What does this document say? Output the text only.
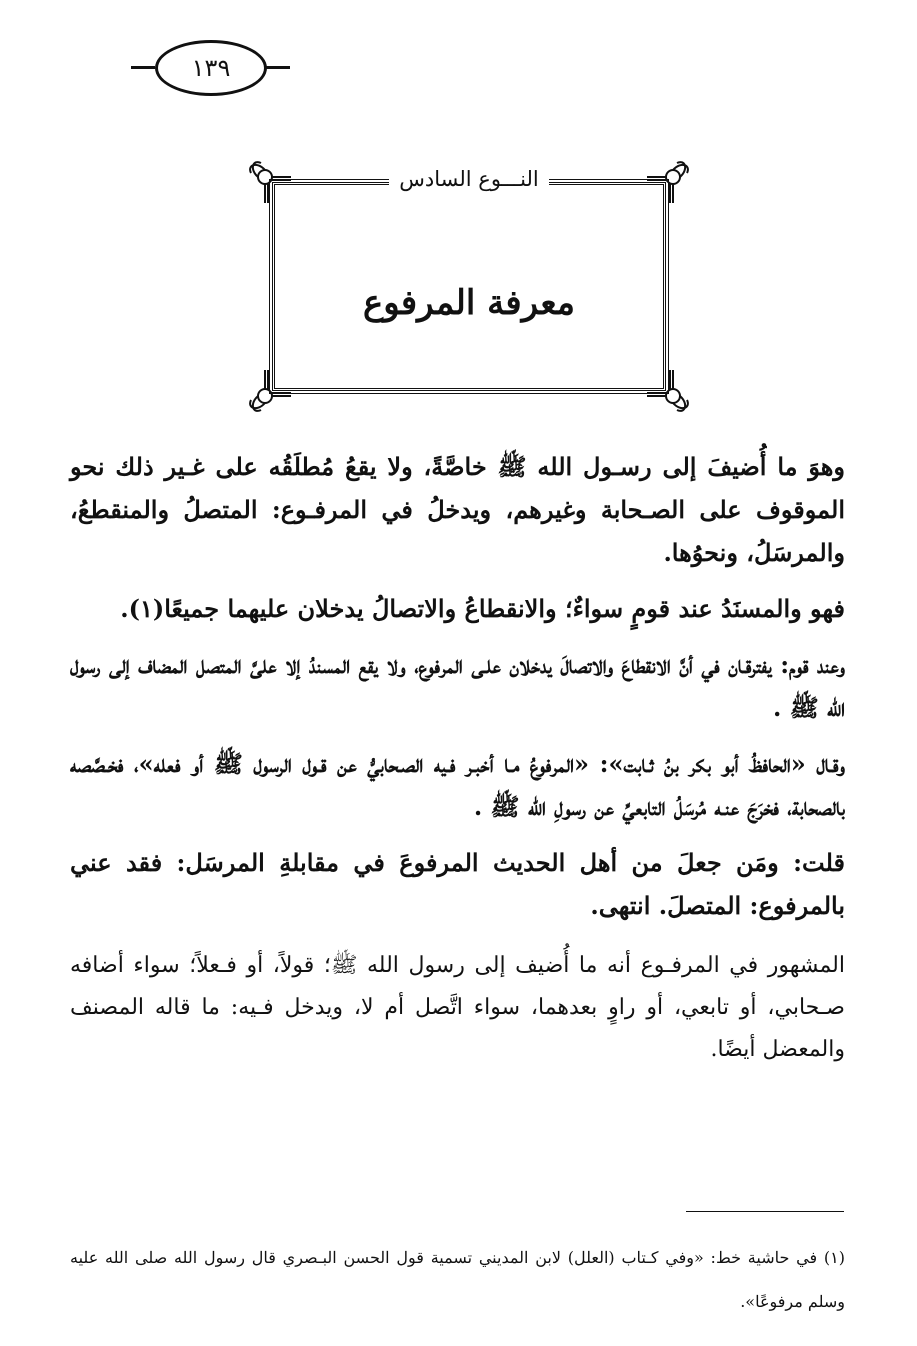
١٣٩
النـــوع السادس
معرفة المرفوع

وهوَ ما أُضيفَ إلى رسـول الله ﷺ خاصَّةً، ولا يقعُ مُطلَقُه على غـير ذلك نحو الموقوف على الصـحابة وغيرهم، ويدخلُ في المرفـوع: المتصلُ والمنقطعُ، والمرسَلُ، ونحوُها.

فهو والمسنَدُ عند قومٍ سواءٌ؛ والانقطاعُ والاتصالُ يدخلان عليهما جميعًا(١).

وعند قوم: يفترقـان في أنَّ الانقطاعَ والاتصالَ يدخلان علـى المرفوع، ولا يقع المسندُ إلا علىَّ المتصل المضاف إلى رسول الله ﷺ .

وقـال «الحافظُ أبو بكر بنُ ثـابت»: «المرفوعُ مـا أخبـر فـيه الصـحابيُّ عن قـول الرسول ﷺ أو فعله»، فخـصَّصه بالصحابة، فخرَجَ عنـه مُرسَلُ التابعيِّ عن رسولِ الله ﷺ .

قلت: ومَن جعلَ من أهل الحديث المرفوعَ في مقابلةِ المرسَل: فقد عني بالمرفوع: المتصلَ. انتهى.

المشهور في المرفـوع أنه ما أُضيف إلى رسول الله ﷺ؛ قولاً، أو فـعلاً؛ سواء أضافه صـحابي، أو تابعي، أو راوٍ بعدهما، سواء اتَّصل أم لا، ويدخل فـيه: ما قاله المصنف والمعضل أيضًا.

(١) في حاشية خط: «وفي كـتاب (العلل) لابن المديني تسمية قول الحسن البـصري قال رسول الله صلى الله عليه وسلم مرفوعًا».
